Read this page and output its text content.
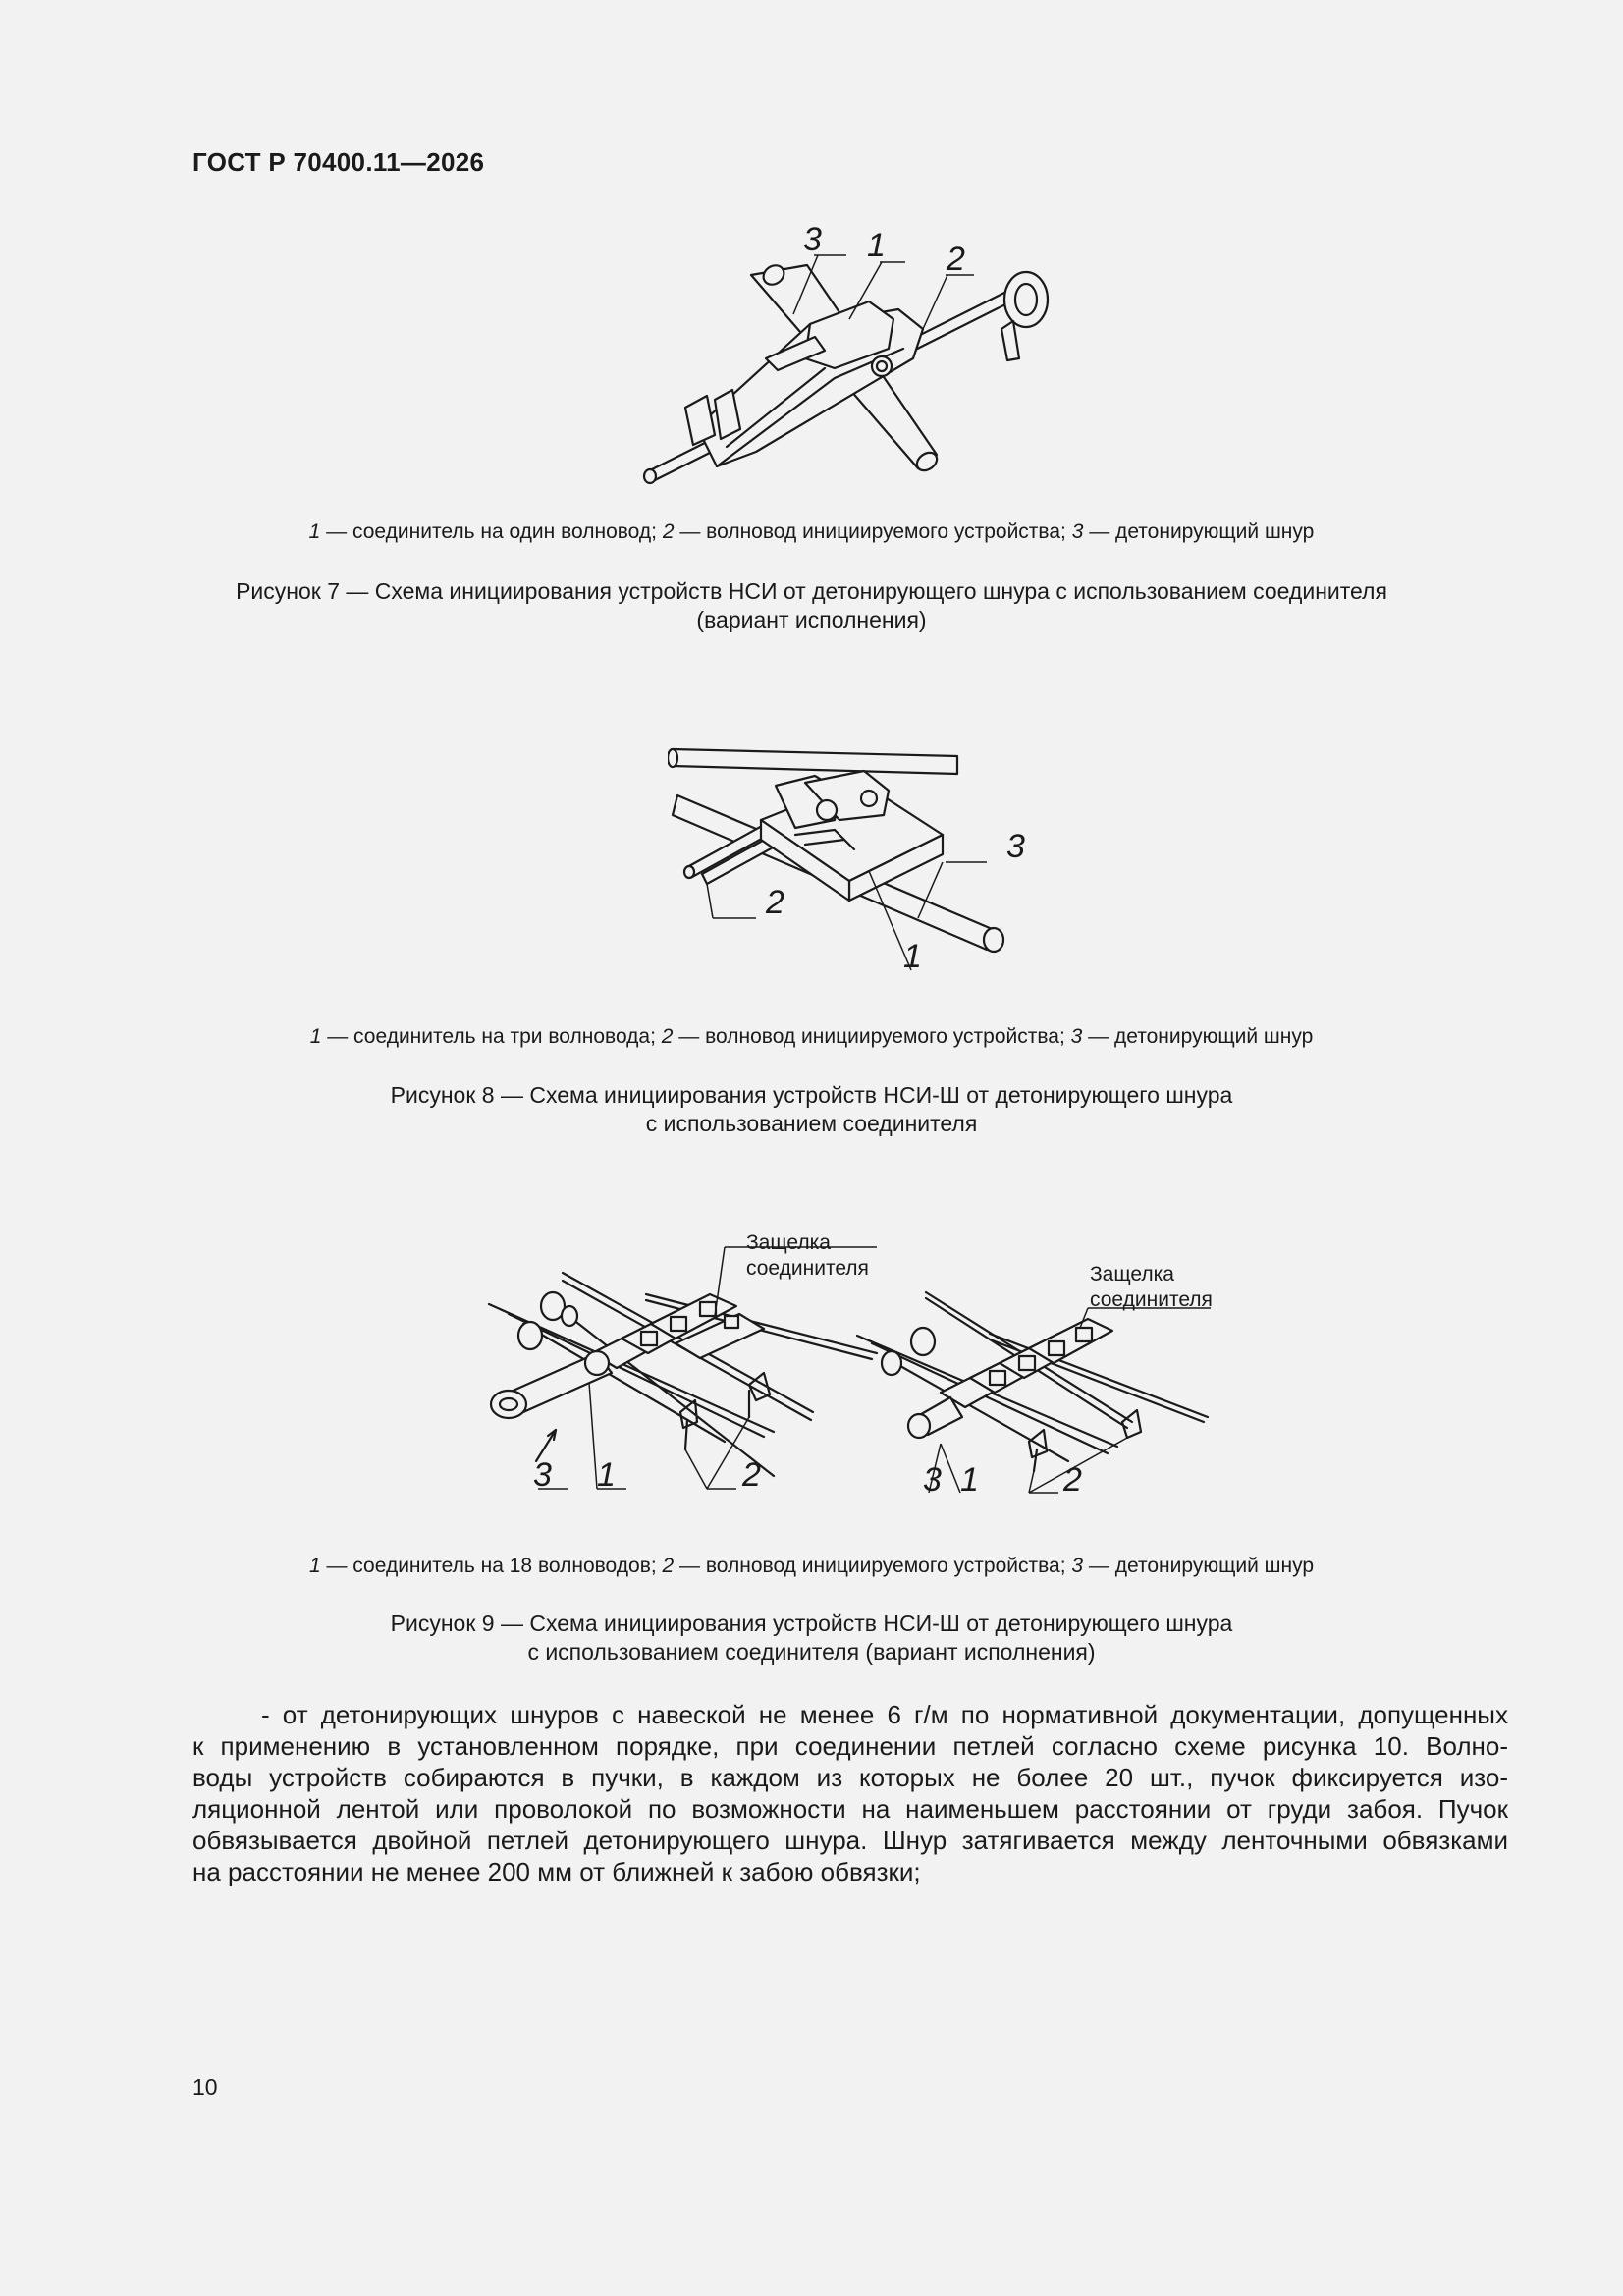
ГОСТ Р 70400.11—2026
3 1 2
1 — соединитель на один волновод; 2 — волновод инициируемого устройства; 3 — детонирующий шнур
Рисунок 7 — Схема инициирования устройств НСИ от детонирующего шнура с использованием соединителя
(вариант исполнения)
3
2
1
1 — соединитель на три волновода; 2 — волновод инициируемого устройства; 3 — детонирующий шнур
Рисунок 8 — Схема инициирования устройств НСИ-Ш от детонирующего шнура
с использованием соединителя
3 1	2
Защелка
соединителя
3 1	2
Защелка
соединителя
1 — соединитель на 18 волноводов; 2 — волновод инициируемого устройства; 3 — детонирующий шнур
Рисунок 9 — Схема инициирования устройств НСИ-Ш от детонирующего шнура
с использованием соединителя (вариант исполнения)
- от детонирующих шнуров с навеской не менее 6 г/м по нормативной документации, допущенных
к применению в установленном порядке, при соединении петлей согласно схеме рисунка 10. Волно-
воды устройств собираются в пучки, в каждом из которых не более 20 шт., пучок фиксируется изо-
ляционной лентой или проволокой по возможности на наименьшем расстоянии от груди забоя. Пучок
обвязывается двойной петлей детонирующего шнура. Шнур затягивается между ленточными обвязками
на расстоянии не менее 200 мм от ближней к забою обвязки;
10
